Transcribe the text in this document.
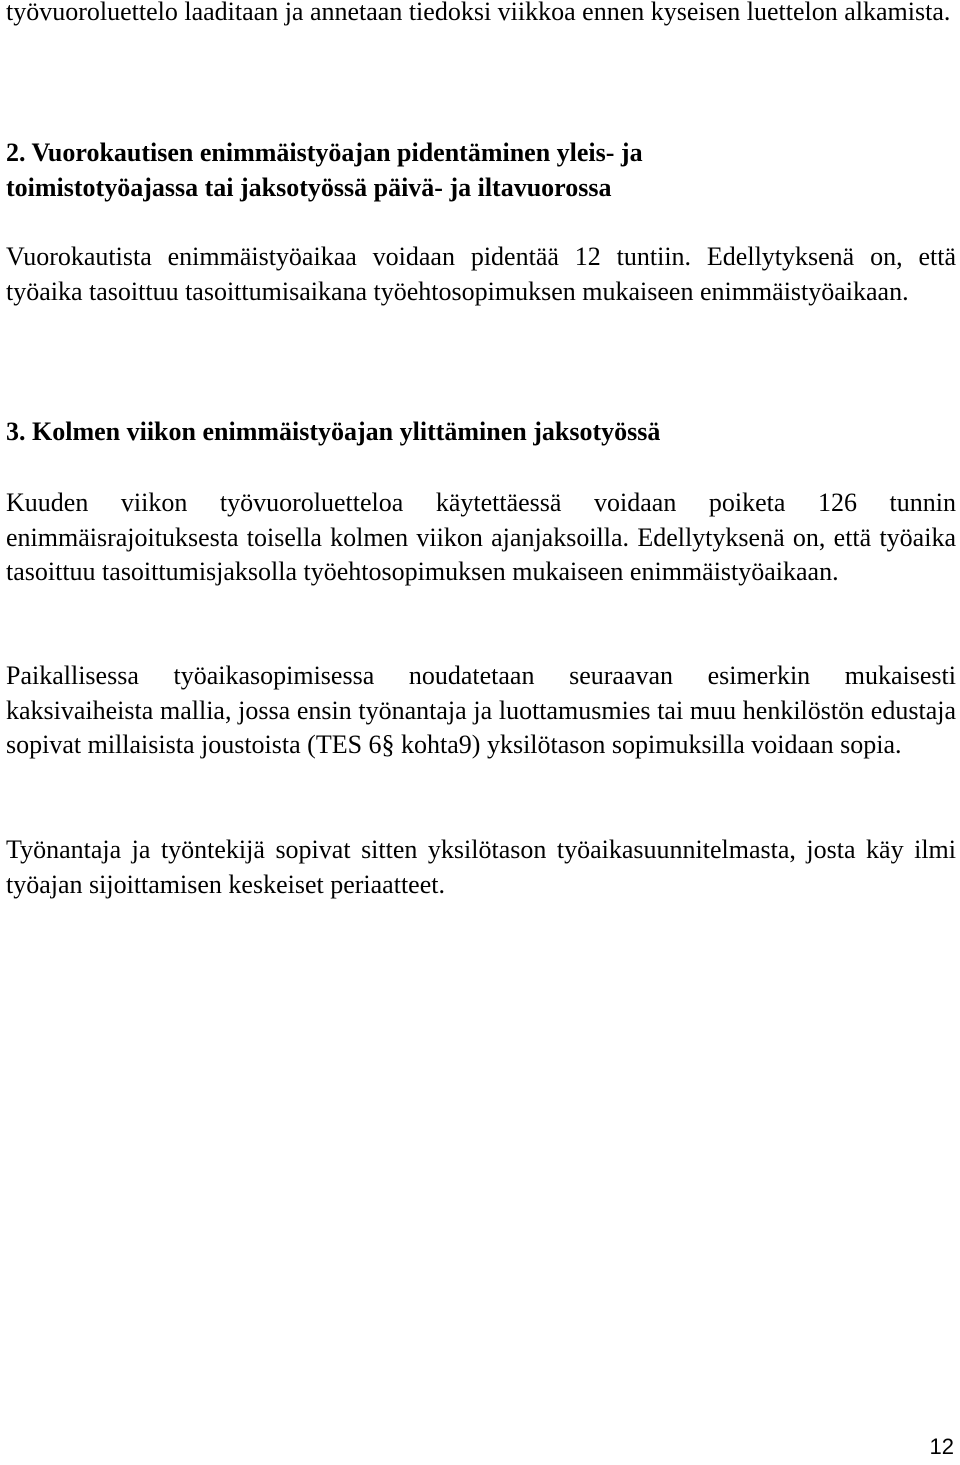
työvuoroluettelo laaditaan ja annetaan tiedoksi viikkoa ennen kyseisen luettelon alkamista.

2. Vuorokautisen enimmäistyöajan pidentäminen yleis- ja toimistotyöajassa tai jaksotyössä päivä- ja iltavuorossa

Vuorokautista enimmäistyöaikaa voidaan pidentää 12 tuntiin. Edellytyksenä on, että työaika tasoittuu tasoittumisaikana työehtosopimuksen mukaiseen enimmäistyöaikaan.

3. Kolmen viikon enimmäistyöajan ylittäminen jaksotyössä

Kuuden viikon työvuoroluetteloa käytettäessä voidaan poiketa 126 tunnin enimmäisrajoituksesta toisella kolmen viikon ajanjaksoilla. Edellytyksenä on, että työaika tasoittuu tasoittumisjaksolla työehtosopimuksen mukaiseen enimmäistyöaikaan.

Paikallisessa työaikasopimisessa noudatetaan seuraavan esimerkin mukaisesti kaksivaiheista mallia, jossa ensin työnantaja ja luottamusmies tai muu henkilöstön edustaja sopivat millaisista joustoista (TES 6§ kohta9) yksilötason sopimuksilla voidaan sopia.

Työnantaja ja työntekijä sopivat sitten yksilötason työaikasuunnitelmasta, josta käy ilmi työajan sijoittamisen keskeiset periaatteet.

12
